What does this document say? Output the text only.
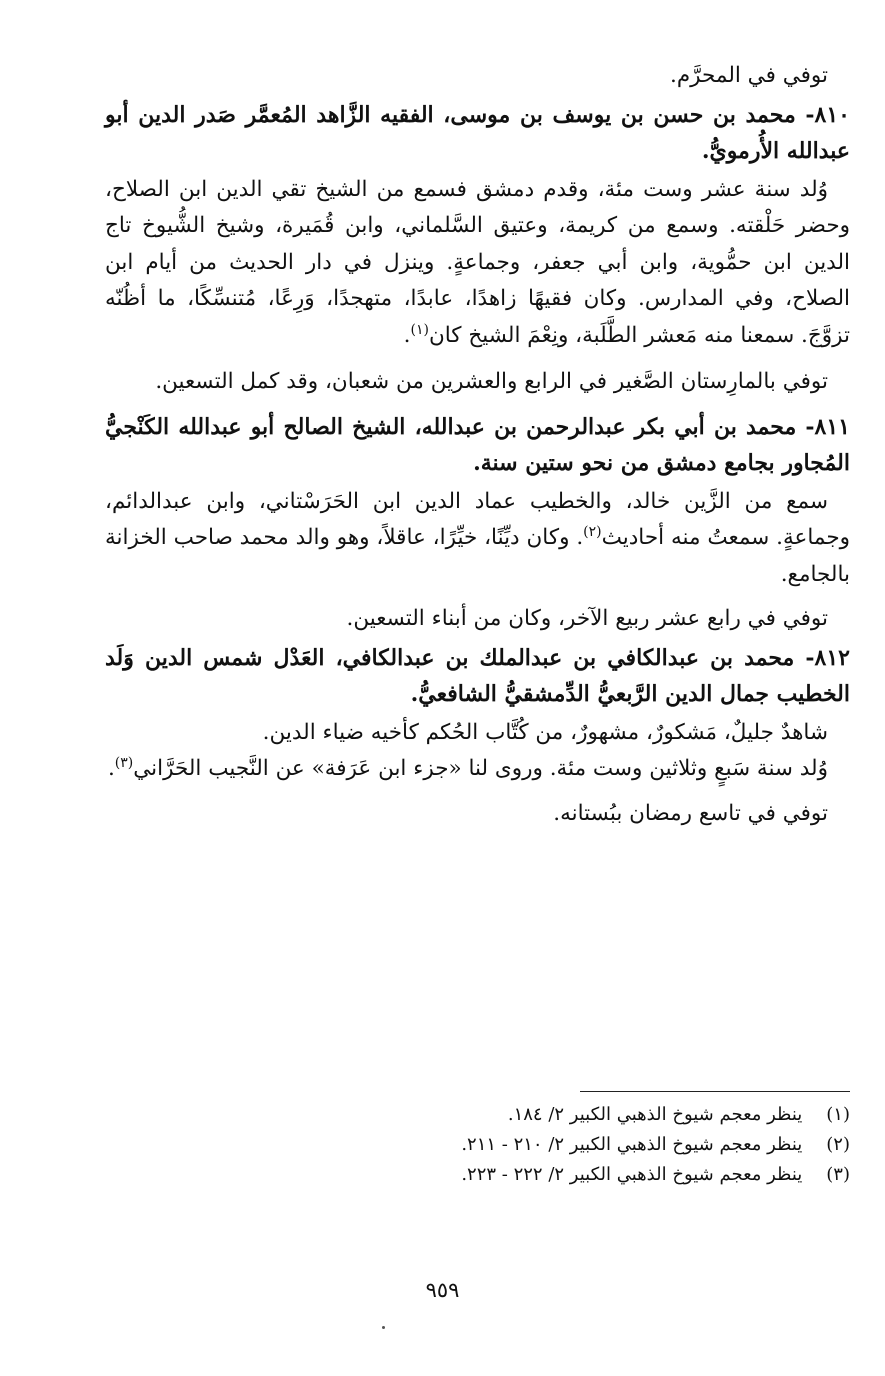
توفي في المحرَّم.

٨١٠- محمد بن حسن بن يوسف بن موسى، الفقيه الزَّاهد المُعمَّر صَدر الدين أبو عبدالله الأُرمويُّ.

وُلد سنة عشر وست مئة، وقدم دمشق فسمع من الشيخ تقي الدين ابن الصلاح، وحضر حَلْقته. وسمع من كريمة، وعتيق السَّلماني، وابن قُمَيرة، وشيخ الشُّيوخ تاج الدين ابن حمُّوية، وابن أبي جعفر، وجماعةٍ. وينزل في دار الحديث من أيام ابن الصلاح، وفي المدارس. وكان فقيهًا زاهدًا، عابدًا، متهجدًا، وَرِعًا، مُتنسِّكًا، ما أظُنّه تزوَّجَ. سمعنا منه مَعشر الطَّلَبة، ونِعْمَ الشيخ كان$^{(١)}$.

توفي بالمارِستان الصَّغير في الرابع والعشرين من شعبان، وقد كمل التسعين.

٨١١- محمد بن أبي بكر عبدالرحمن بن عبدالله، الشيخ الصالح أبو عبدالله الكَنْجيُّ المُجاور بجامع دمشق من نحو ستين سنة.

سمع من الزَّين خالد، والخطيب عماد الدين ابن الحَرَسْتاني، وابن عبدالدائم، وجماعةٍ. سمعتُ منه أحاديث$^{(٢)}$. وكان ديِّنًا، خيِّرًا، عاقلاً، وهو والد محمد صاحب الخزانة بالجامع.

توفي في رابع عشر ربيع الآخر، وكان من أبناء التسعين.

٨١٢- محمد بن عبدالكافي بن عبدالملك بن عبدالكافي، العَدْل شمس الدين وَلَد الخطيب جمال الدين الرَّبعيُّ الدِّمشقيُّ الشافعيُّ.

شاهدٌ جليلٌ، مَشكورٌ، مشهورٌ، من كُتَّاب الحُكم كأخيه ضياء الدين.

وُلد سنة سَبعٍ وثلاثين وست مئة. وروى لنا «جزء ابن عَرَفة» عن النَّجيب الحَرَّاني$^{(٣)}$.

توفي في تاسع رمضان ببُستانه.

(١) ينظر معجم شيوخ الذهبي الكبير ٢/ ١٨٤.
(٢) ينظر معجم شيوخ الذهبي الكبير ٢/ ٢١٠ - ٢١١.
(٣) ينظر معجم شيوخ الذهبي الكبير ٢/ ٢٢٢ - ٢٢٣.
٩٥٩
